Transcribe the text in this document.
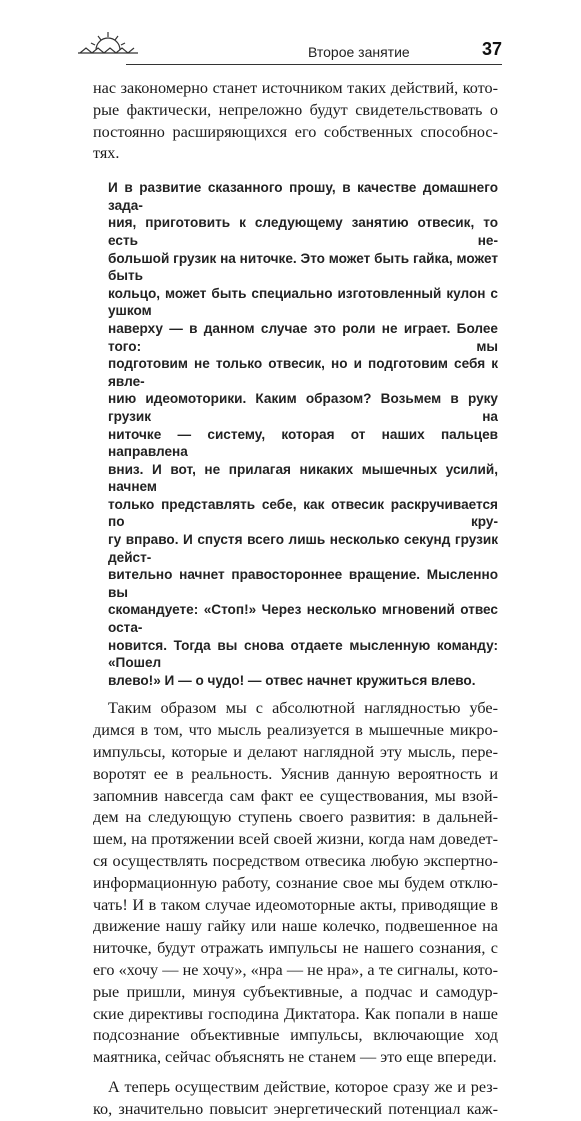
Второе занятие	37

нас закономерно станет источником таких действий, кото-

рые фактически, непреложно будут свидетельствовать о

постоянно расширяющихся его собственных способнос-

тях.

И в развитие сказанного прошу, в качестве домашнего зада-

ния, приготовить к следующему занятию отвесик, то есть не-

большой грузик на ниточке. Это может быть гайка, может быть

кольцо, может быть специально изготовленный кулон с ушком

наверху — в данном случае это роли не играет. Более того: мы

подготовим не только отвесик, но и подготовим себя к явле-

нию идеомоторики. Каким образом? Возьмем в руку грузик на

ниточке — систему, которая от наших пальцев направлена

вниз. И вот, не прилагая никаких мышечных усилий, начнем

только представлять себе, как отвесик раскручивается по кру-

гу вправо. И спустя всего лишь несколько секунд грузик дейст-

вительно начнет правостороннее вращение. Мысленно вы

скомандуете: «Стоп!» Через несколько мгновений отвес оста-

новится. Тогда вы снова отдаете мысленную команду: «Пошел

влево!» И — о чудо! — отвес начнет кружиться влево.

Таким образом мы с абсолютной наглядностью убе-

димся в том, что мысль реализуется в мышечные микро-

импульсы, которые и делают наглядной эту мысль, пере-

воротят ее в реальность. Уяснив данную вероятность и

запомнив навсегда сам факт ее существования, мы взой-

дем на следующую ступень своего развития: в дальней-

шем, на протяжении всей своей жизни, когда нам доведет-

ся осуществлять посредством отвесика любую экспертно-

информационную работу, сознание свое мы будем отклю-

чать! И в таком случае идеомоторные акты, приводящие в

движение нашу гайку или наше колечко, подвешенное на

ниточке, будут отражать импульсы не нашего сознания, с

его «хочу — не хочу», «нра — не нра», а те сигналы, кото-

рые пришли, минуя субъективные, а подчас и самодур-

ские директивы господина Диктатора. Как попали в наше

подсознание объективные импульсы, включающие ход

маятника, сейчас объяснять не станем — это еще впереди.

А теперь осуществим действие, которое сразу же и рез-

ко, значительно повысит энергетический потенциал каж-
